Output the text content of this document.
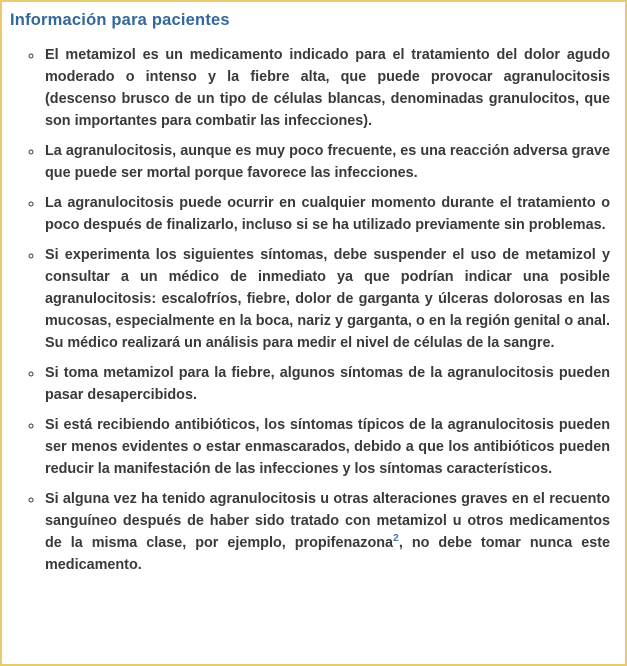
Información para pacientes
◦ El metamizol es un medicamento indicado para el tratamiento del dolor agudo moderado o intenso y la fiebre alta, que puede provocar agranulocitosis (descenso brusco de un tipo de células blancas, denominadas granulocitos, que son importantes para combatir las infecciones).
◦ La agranulocitosis, aunque es muy poco frecuente, es una reacción adversa grave que puede ser mortal porque favorece las infecciones.
◦ La agranulocitosis puede ocurrir en cualquier momento durante el tratamiento o poco después de finalizarlo, incluso si se ha utilizado previamente sin problemas.
◦ Si experimenta los siguientes síntomas, debe suspender el uso de metamizol y consultar a un médico de inmediato ya que podrían indicar una posible agranulocitosis: escalofríos, fiebre, dolor de garganta y úlceras dolorosas en las mucosas, especialmente en la boca, nariz y garganta, o en la región genital o anal. Su médico realizará un análisis para medir el nivel de células de la sangre.
◦ Si toma metamizol para la fiebre, algunos síntomas de la agranulocitosis pueden pasar desapercibidos.
◦ Si está recibiendo antibióticos, los síntomas típicos de la agranulocitosis pueden ser menos evidentes o estar enmascarados, debido a que los antibióticos pueden reducir la manifestación de las infecciones y los síntomas característicos.
◦ Si alguna vez ha tenido agranulocitosis u otras alteraciones graves en el recuento sanguíneo después de haber sido tratado con metamizol u otros medicamentos de la misma clase, por ejemplo, propifenazona$^2$, no debe tomar nunca este medicamento.
